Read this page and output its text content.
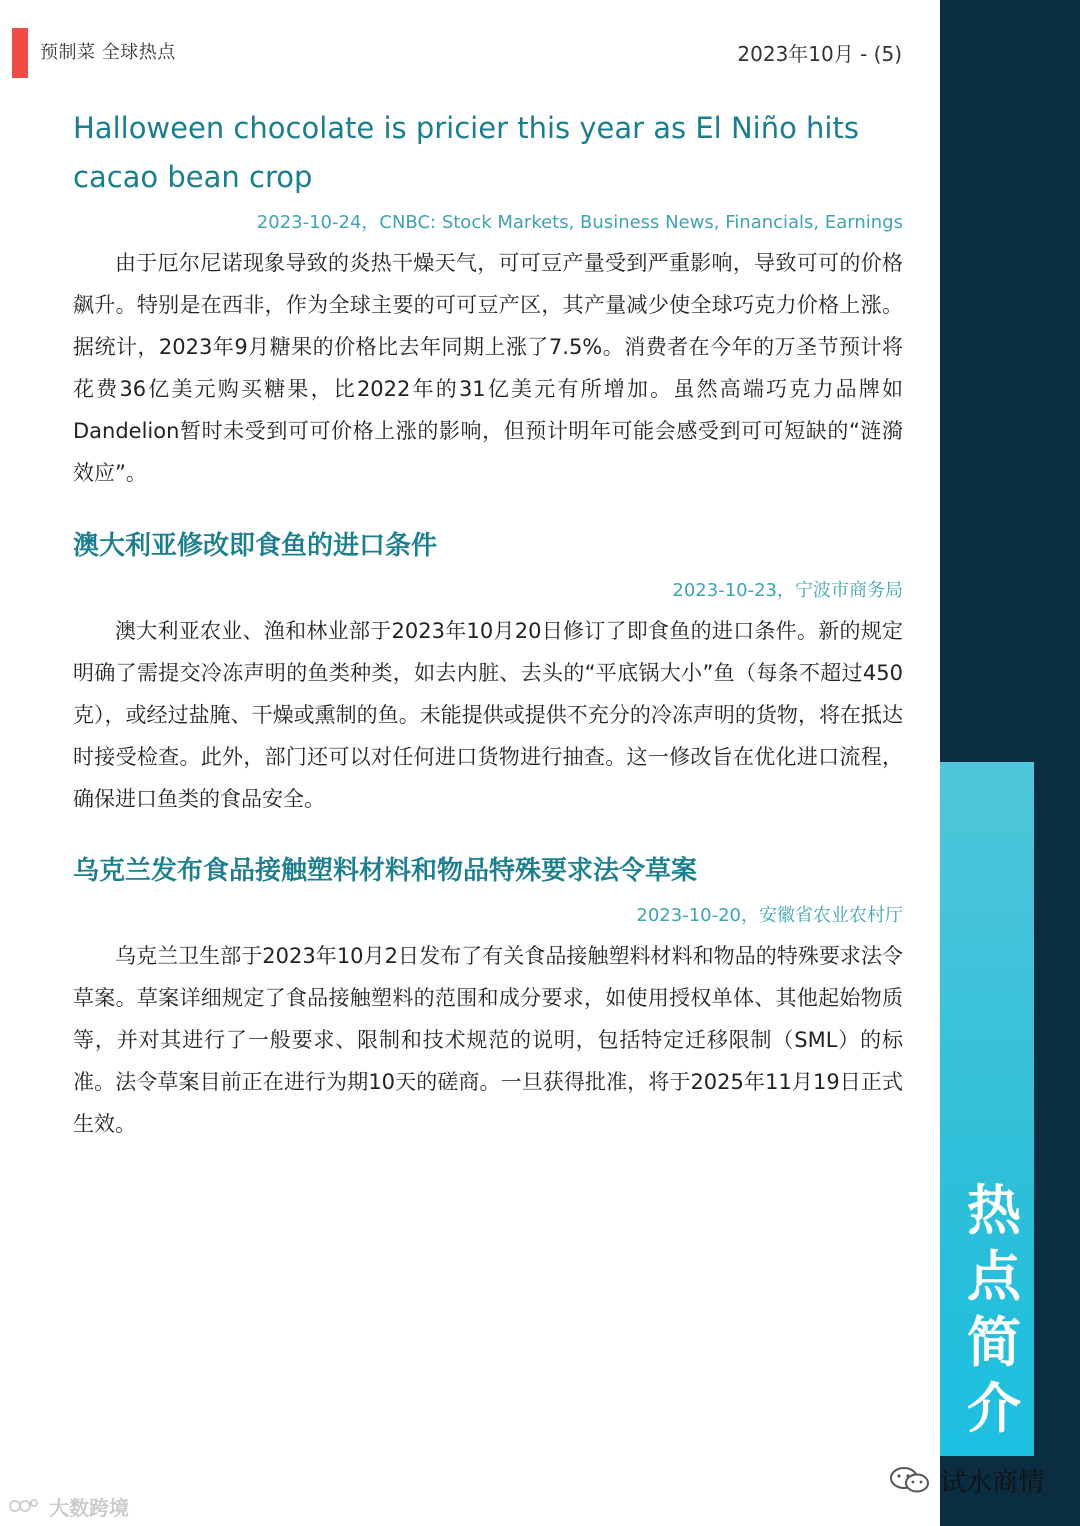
预制菜 全球热点	2023年10月 - (5)
热
点
简
介
Halloween chocolate is pricier this year as El Niño hits cacao bean crop
2023-10-24，CNBC: Stock Markets, Business News, Financials, Earnings

由于厄尔尼诺现象导致的炎热干燥天气，可可豆产量受到严重影响，导致可可的价格飙升。特别是在西非，作为全球主要的可可豆产区，其产量减少使全球巧克力价格上涨。据统计，2023年9月糖果的价格比去年同期上涨了7.5%。消费者在今年的万圣节预计将花费36亿美元购买糖果，比2022年的31亿美元有所增加。虽然高端巧克力品牌如Dandelion暂时未受到可可价格上涨的影响，但预计明年可能会感受到可可短缺的“涟漪效应”。

澳大利亚修改即食鱼的进口条件
2023-10-23，宁波市商务局

澳大利亚农业、渔和林业部于2023年10月20日修订了即食鱼的进口条件。新的规定明确了需提交冷冻声明的鱼类种类，如去内脏、去头的“平底锅大小”鱼（每条不超过450克），或经过盐腌、干燥或熏制的鱼。未能提供或提供不充分的冷冻声明的货物，将在抵达时接受检查。此外，部门还可以对任何进口货物进行抽查。这一修改旨在优化进口流程，确保进口鱼类的食品安全。

乌克兰发布食品接触塑料材料和物品特殊要求法令草案
2023-10-20，安徽省农业农村厅

乌克兰卫生部于2023年10月2日发布了有关食品接触塑料材料和物品的特殊要求法令草案。草案详细规定了食品接触塑料的范围和成分要求，如使用授权单体、其他起始物质等，并对其进行了一般要求、限制和技术规范的说明，包括特定迁移限制（SML）的标准。法令草案目前正在进行为期10天的磋商。一旦获得批准，将于2025年11月19日正式生效。

大数跨境
试水商情
